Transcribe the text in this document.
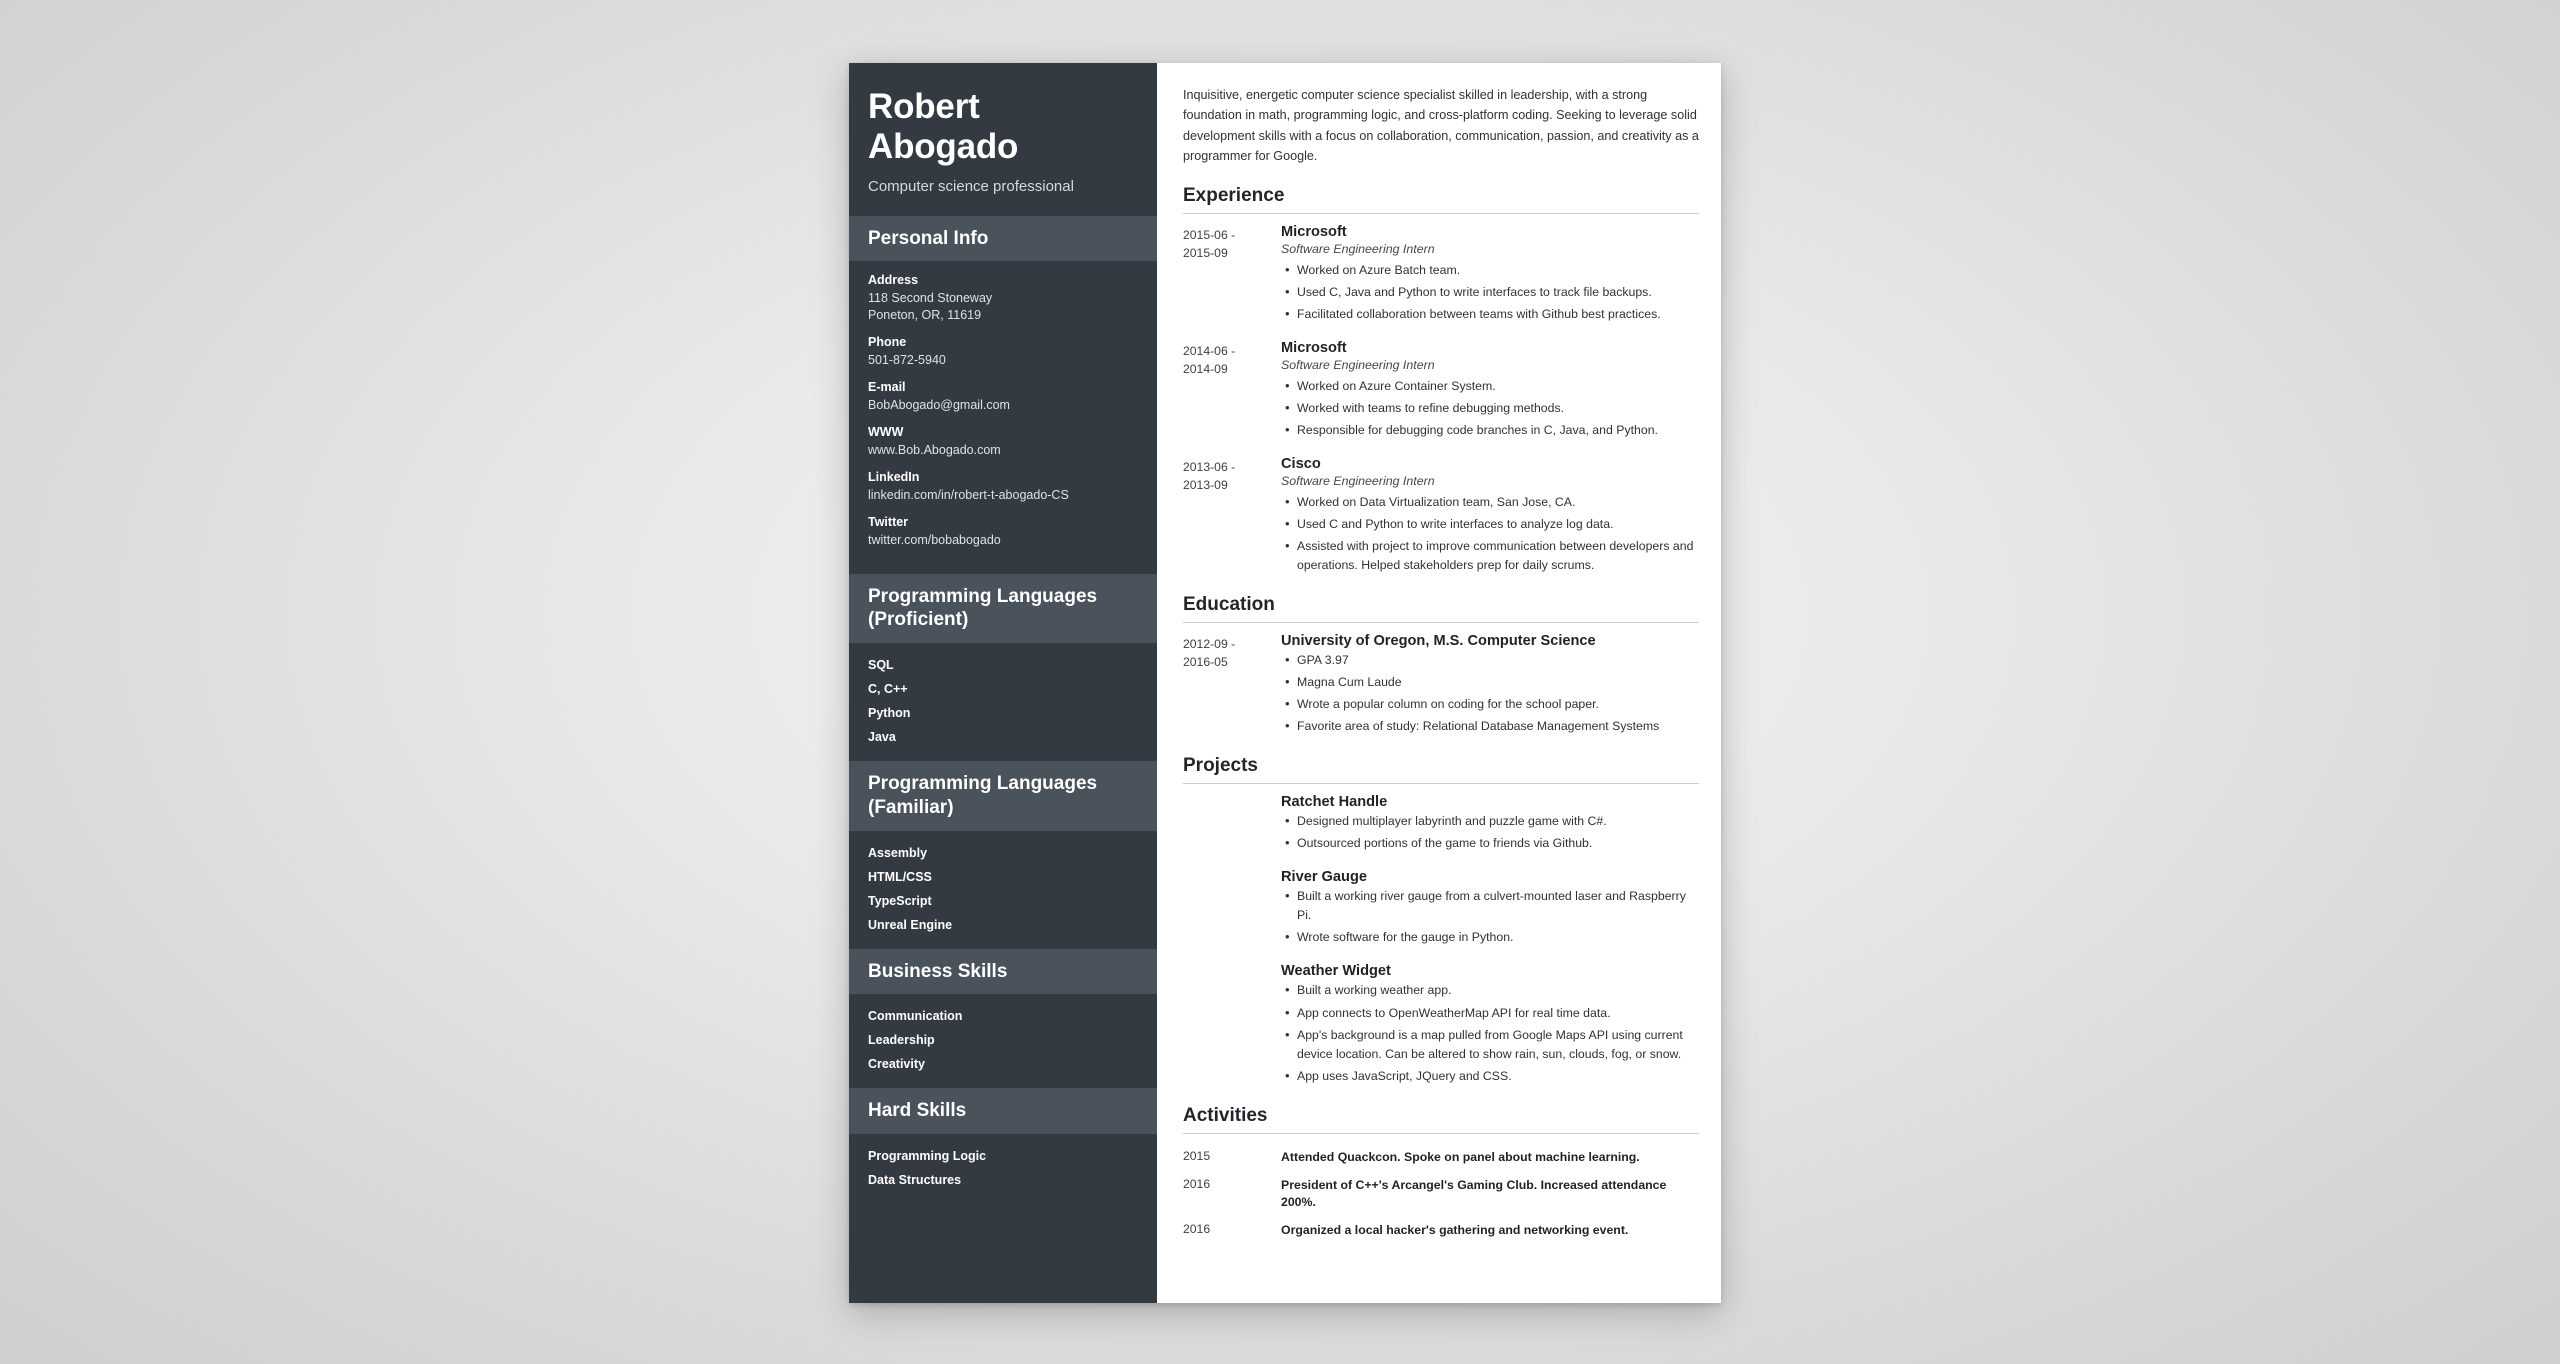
Robert Abogado
Computer science professional
Personal Info
Address
118 Second Stoneway
Poneton, OR, 11619
Phone
501-872-5940
E-mail
BobAbogado@gmail.com
WWW
www.Bob.Abogado.com
LinkedIn
linkedin.com/in/robert-t-abogado-CS
Twitter
twitter.com/bobabogado
Programming Languages (Proficient)
SQL
C, C++
Python
Java
Programming Languages (Familiar)
Assembly
HTML/CSS
TypeScript
Unreal Engine
Business Skills
Communication
Leadership
Creativity
Hard Skills
Programming Logic
Data Structures
Inquisitive, energetic computer science specialist skilled in leadership, with a strong foundation in math, programming logic, and cross-platform coding. Seeking to leverage solid development skills with a focus on collaboration, communication, passion, and creativity as a programmer for Google.
Experience
2015-06 -
2015-09
Microsoft
Software Engineering Intern
• Worked on Azure Batch team.
• Used C, Java and Python to write interfaces to track file backups.
• Facilitated collaboration between teams with Github best practices.
2014-06 -
2014-09
Microsoft
Software Engineering Intern
• Worked on Azure Container System.
• Worked with teams to refine debugging methods.
• Responsible for debugging code branches in C, Java, and Python.
2013-06 -
2013-09
Cisco
Software Engineering Intern
• Worked on Data Virtualization team, San Jose, CA.
• Used C and Python to write interfaces to analyze log data.
• Assisted with project to improve communication between developers and operations. Helped stakeholders prep for daily scrums.
Education
2012-09 -
2016-05
University of Oregon, M.S. Computer Science
• GPA 3.97
• Magna Cum Laude
• Wrote a popular column on coding for the school paper.
• Favorite area of study: Relational Database Management Systems
Projects
Ratchet Handle
• Designed multiplayer labyrinth and puzzle game with C#.
• Outsourced portions of the game to friends via Github.
River Gauge
• Built a working river gauge from a culvert-mounted laser and Raspberry Pi.
• Wrote software for the gauge in Python.
Weather Widget
• Built a working weather app.
• App connects to OpenWeatherMap API for real time data.
• App's background is a map pulled from Google Maps API using current device location. Can be altered to show rain, sun, clouds, fog, or snow.
• App uses JavaScript, JQuery and CSS.
Activities
2015	Attended Quackcon. Spoke on panel about machine learning.
2016	President of C++'s Arcangel's Gaming Club. Increased attendance 200%.
2016	Organized a local hacker's gathering and networking event.
